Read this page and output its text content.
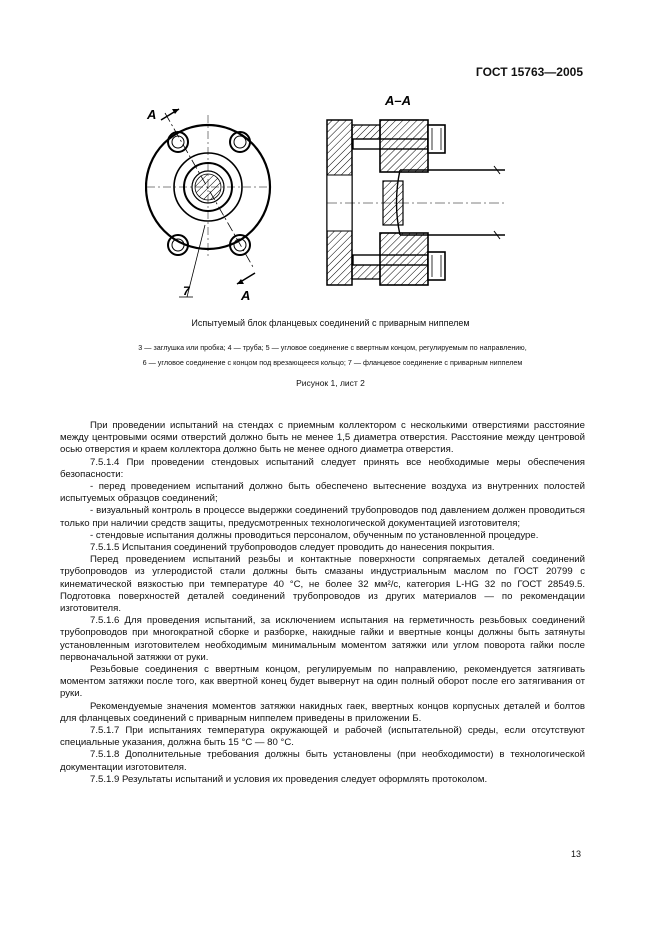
ГОСТ 15763—2005
А
А
7
А–А
Испытуемый блок фланцевых соединений с приварным ниппелем
3 — заглушка или пробка; 4 — труба; 5 — угловое соединение с ввертным концом, регулируемым по направлению,
6 — угловое соединение с концом под врезающееся кольцо; 7 — фланцевое соединение с приварным ниппелем
Рисунок 1, лист 2

При проведении испытаний на стендах с приемным коллектором с несколькими отверстиями расстояние между центровыми осями отверстий должно быть не менее 1,5 диаметра отверстия. Расстояние между центровой осью отверстия и краем коллектора должно быть не менее одного диаметра отверстия.

7.5.1.4 При проведении стендовых испытаний следует принять все необходимые меры обеспечения безопасности:

- перед проведением испытаний должно быть обеспечено вытеснение воздуха из внутренних полостей испытуемых образцов соединений;

- визуальный контроль в процессе выдержки соединений трубопроводов под давлением должен проводиться только при наличии средств защиты, предусмотренных технологической документацией изготовителя;

- стендовые испытания должны проводиться персоналом, обученным по установленной процедуре.

7.5.1.5 Испытания соединений трубопроводов следует проводить до нанесения покрытия.

Перед проведением испытаний резьбы и контактные поверхности сопрягаемых деталей соединений трубопроводов из углеродистой стали должны быть смазаны индустриальным маслом по ГОСТ 20799 с кинематической вязкостью при температуре 40 °С, не более 32 мм²/с, категория L-HG 32 по ГОСТ 28549.5. Подготовка поверхностей деталей соединений трубопроводов из других материалов — по рекомендации изготовителя.

7.5.1.6 Для проведения испытаний, за исключением испытания на герметичность резьбовых соединений трубопроводов при многократной сборке и разборке, накидные гайки и ввертные концы должны быть затянуты установленным изготовителем необходимым минимальным моментом затяжки или углом поворота гайки после первоначальной затяжки от руки.

Резьбовые соединения с ввертным концом, регулируемым по направлению, рекомендуется затягивать моментом затяжки после того, как ввертной конец будет вывернут на один полный оборот после его затягивания от руки.

Рекомендуемые значения моментов затяжки накидных гаек, ввертных концов корпусных деталей и болтов для фланцевых соединений с приварным ниппелем приведены в приложении Б.

7.5.1.7 При испытаниях температура окружающей и рабочей (испытательной) среды, если отсутствуют специальные указания, должна быть 15 °С — 80 °С.

7.5.1.8 Дополнительные требования должны быть установлены (при необходимости) в технологической документации изготовителя.

7.5.1.9 Результаты испытаний и условия их проведения следует оформлять протоколом.

13
